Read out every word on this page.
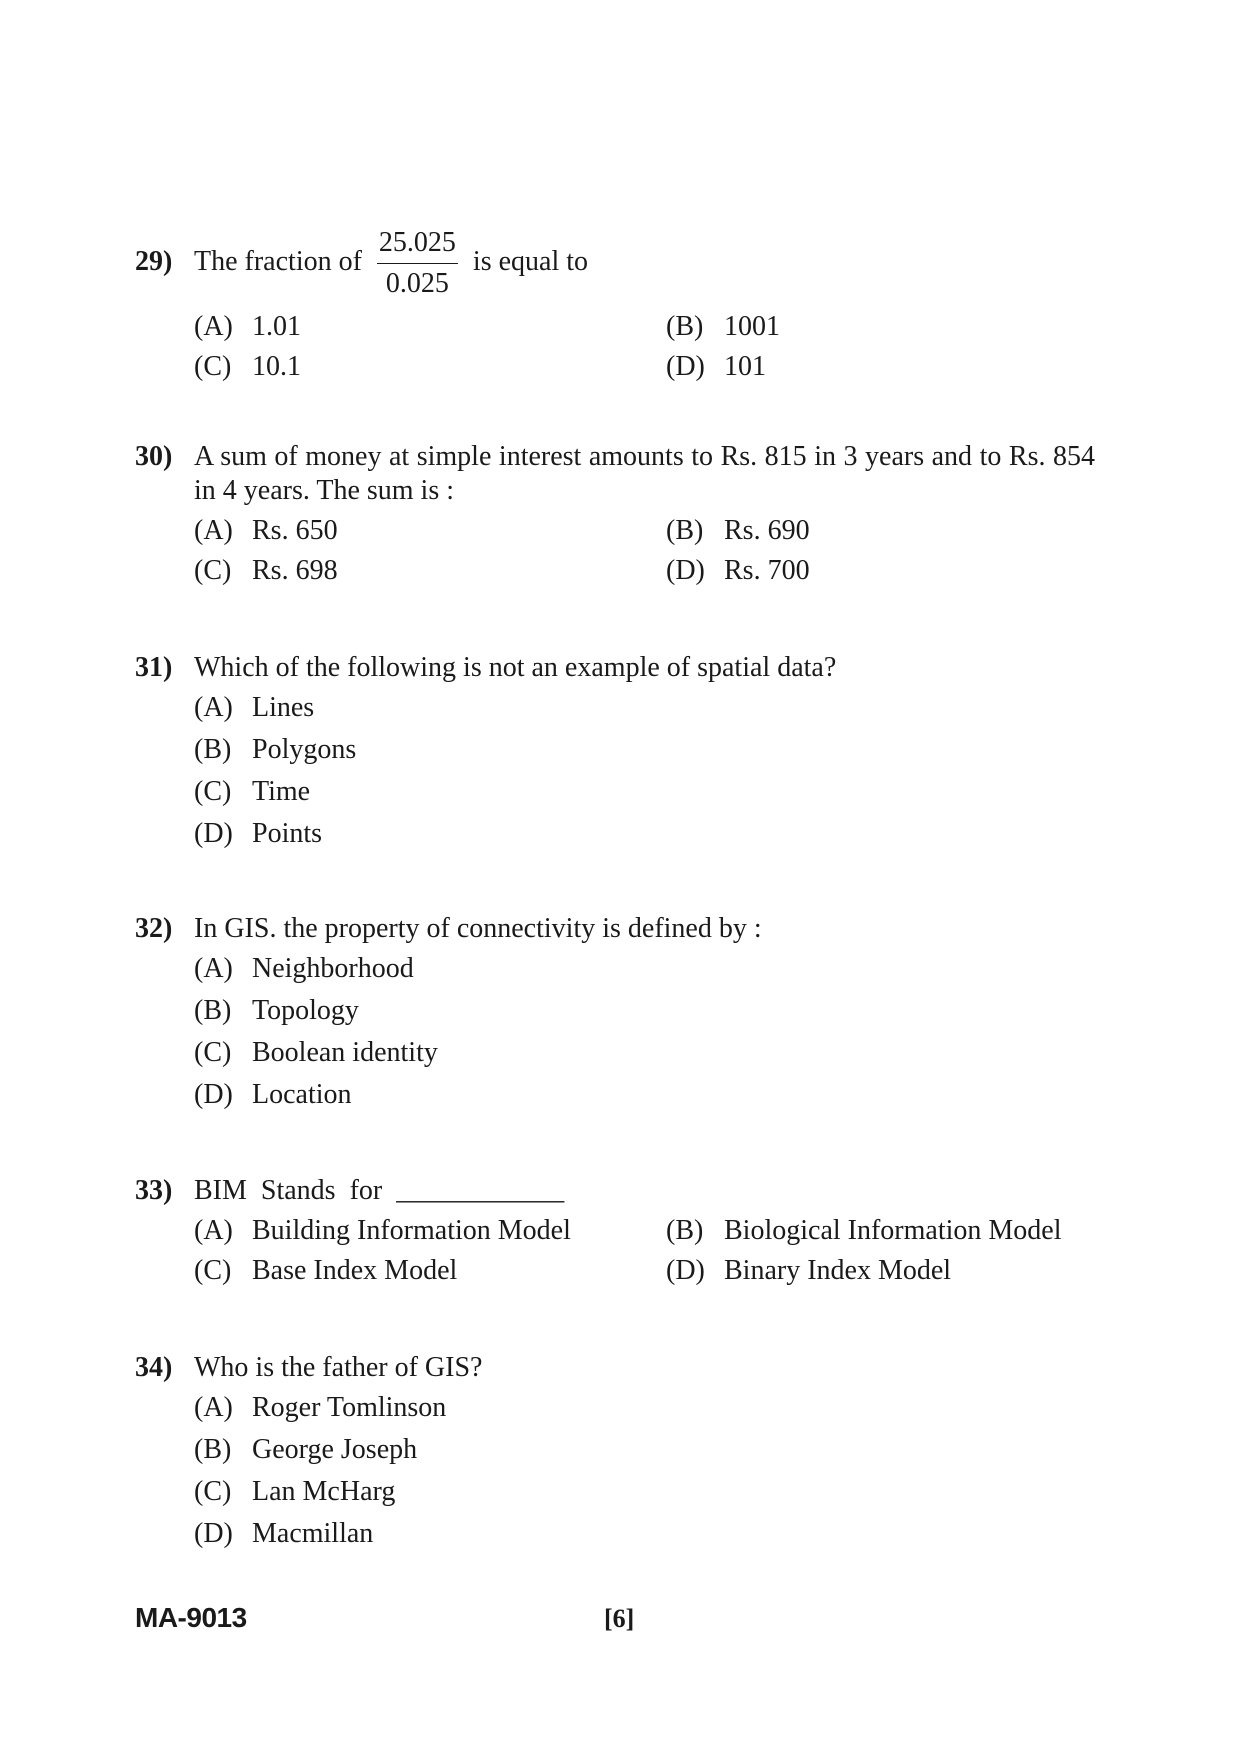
29) The fraction of $\frac{25.025}{0.025}$ is equal to
(A) 1.01	(B) 1001
(C) 10.1	(D) 101
30) A sum of money at simple interest amounts to Rs. 815 in 3 years and to Rs. 854 in 4 years. The sum is :
(A) Rs. 650	(B) Rs. 690
(C) Rs. 698	(D) Rs. 700
31) Which of the following is not an example of spatial data?
(A) Lines
(B) Polygons
(C) Time
(D) Points
32) In GIS. the property of connectivity is defined by :
(A) Neighborhood
(B) Topology
(C) Boolean identity
(D) Location
33) BIM  Stands  for  ____________
(A) Building Information Model	(B) Biological Information Model
(C) Base Index Model	(D) Binary Index Model
34) Who is the father of GIS?
(A) Roger Tomlinson
(B) George Joseph
(C) Lan McHarg
(D) Macmillan
MA-9013	[6]
